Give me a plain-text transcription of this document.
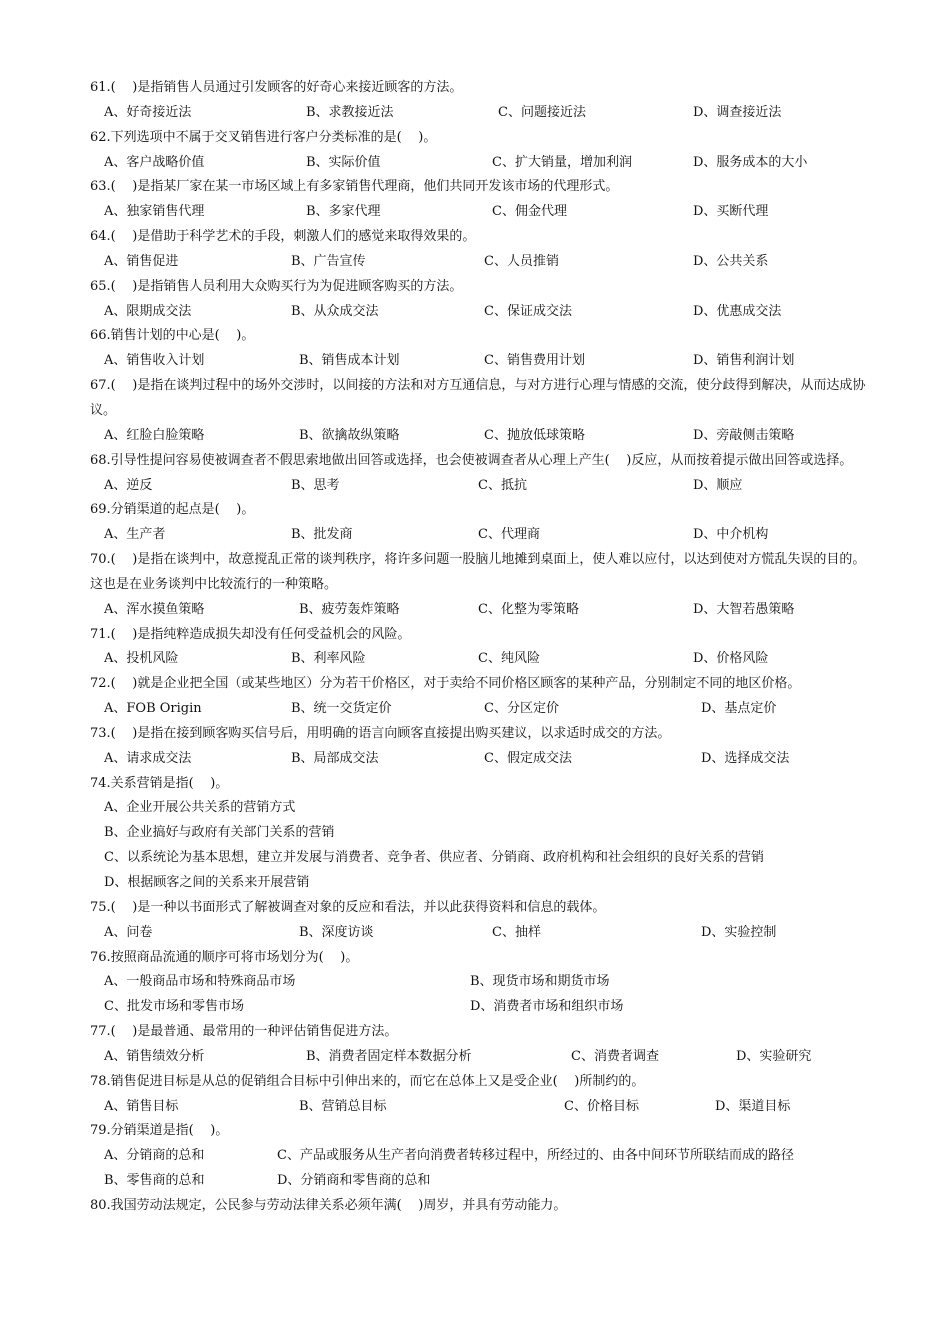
61.(    )是指销售人员通过引发顾客的好奇心来接近顾客的方法。
A、好奇接近法	B、求教接近法	C、问题接近法	D、调查接近法
62.下列选项中不属于交叉销售进行客户分类标准的是(    )。
A、客户战略价值	B、实际价值	C、扩大销量，增加利润	D、服务成本的大小
63.(    )是指某厂家在某一市场区域上有多家销售代理商，他们共同开发该市场的代理形式。
A、独家销售代理	B、多家代理	C、佣金代理	D、买断代理
64.(    )是借助于科学艺术的手段，刺激人们的感觉来取得效果的。
A、销售促进	B、广告宣传	C、人员推销	D、公共关系
65.(    )是指销售人员利用大众购买行为为促进顾客购买的方法。
A、限期成交法	B、从众成交法	C、保证成交法	D、优惠成交法
66.销售计划的中心是(    )。
A、销售收入计划	B、销售成本计划	C、销售费用计划	D、销售利润计划
67.(    )是指在谈判过程中的场外交涉时，以间接的方法和对方互通信息，与对方进行心理与情感的交流，使分歧得到解决，从而达成协议。
A、红脸白脸策略	B、欲擒故纵策略	C、抛放低球策略	D、旁敲侧击策略
68.引导性提问容易使被调查者不假思索地做出回答或选择，也会使被调查者从心理上产生(    )反应，从而按着提示做出回答或选择。
A、逆反	B、思考	C、抵抗	D、顺应
69.分销渠道的起点是(    )。
A、生产者	B、批发商	C、代理商	D、中介机构
70.(    )是指在谈判中，故意搅乱正常的谈判秩序，将许多问题一股脑儿地摊到桌面上，使人难以应付，以达到使对方慌乱失误的目的。这也是在业务谈判中比较流行的一种策略。
A、浑水摸鱼策略	B、疲劳轰炸策略	C、化整为零策略	D、大智若愚策略
71.(    )是指纯粹造成损失却没有任何受益机会的风险。
A、投机风险	B、利率风险	C、纯风险	D、价格风险
72.(    )就是企业把全国（或某些地区）分为若干价格区，对于卖给不同价格区顾客的某种产品，分别制定不同的地区价格。
A、FOB Origin	B、统一交货定价	C、分区定价	D、基点定价
73.(    )是指在接到顾客购买信号后，用明确的语言向顾客直接提出购买建议，以求适时成交的方法。
A、请求成交法	B、局部成交法	C、假定成交法	D、选择成交法
74.关系营销是指(    )。
A、企业开展公共关系的营销方式
B、企业搞好与政府有关部门关系的营销
C、以系统论为基本思想，建立并发展与消费者、竞争者、供应者、分销商、政府机构和社会组织的良好关系的营销
D、根据顾客之间的关系来开展营销
75.(    )是一种以书面形式了解被调查对象的反应和看法，并以此获得资料和信息的载体。
A、问卷	B、深度访谈	C、抽样	D、实验控制
76.按照商品流通的顺序可将市场划分为(    )。
A、一般商品市场和特殊商品市场	B、现货市场和期货市场
C、批发市场和零售市场	D、消费者市场和组织市场
77.(    )是最普通、最常用的一种评估销售促进方法。
A、销售绩效分析	B、消费者固定样本数据分析	C、消费者调查	D、实验研究
78.销售促进目标是从总的促销组合目标中引伸出来的，而它在总体上又是受企业(    )所制约的。
A、销售目标	B、营销总目标	C、价格目标	D、渠道目标
79.分销渠道是指(    )。
A、分销商的总和	C、产品或服务从生产者向消费者转移过程中，所经过的、由各中间环节所联结而成的路径
B、零售商的总和	D、分销商和零售商的总和
80.我国劳动法规定，公民参与劳动法律关系必须年满(    )周岁，并具有劳动能力。
